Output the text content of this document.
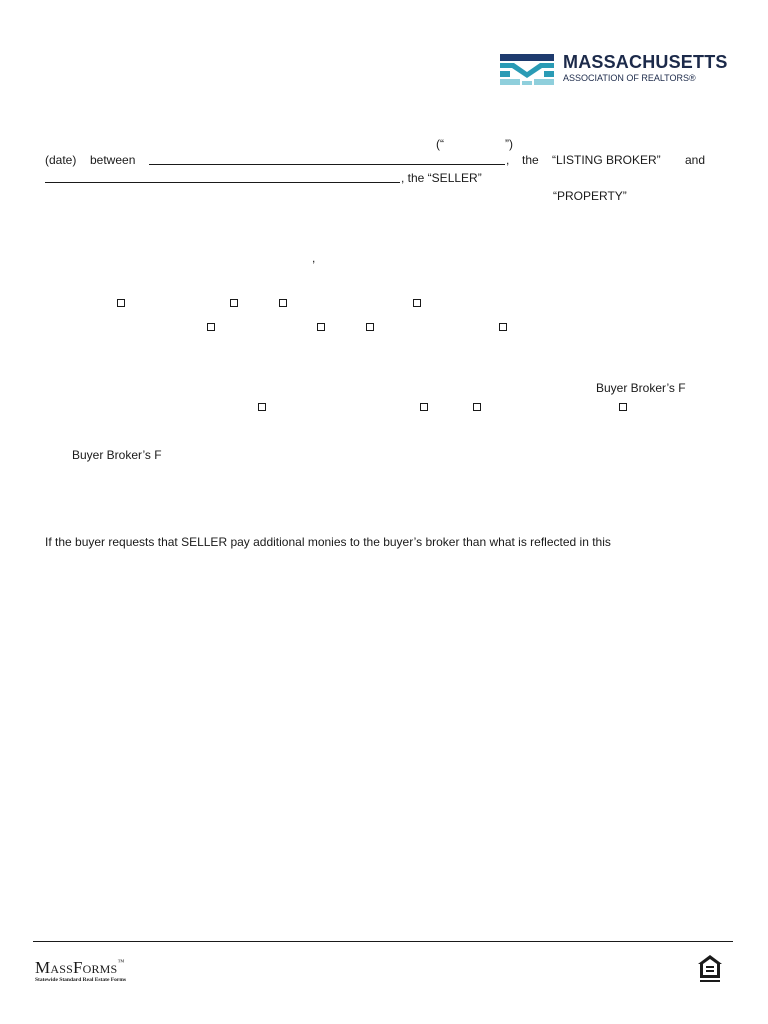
MASSACHUSETTS
ASSOCIATION OF REALTORS®
(“	”)
(date) between	, the “LISTING BROKER” and
, the “SELLER”
“PROPERTY”
,
Buyer Broker’s F
Buyer Broker’s F
If the buyer requests that SELLER pay additional monies to the buyer’s broker than what is reflected in this
MASSFORMS™
Statewide Standard Real Estate Forms
